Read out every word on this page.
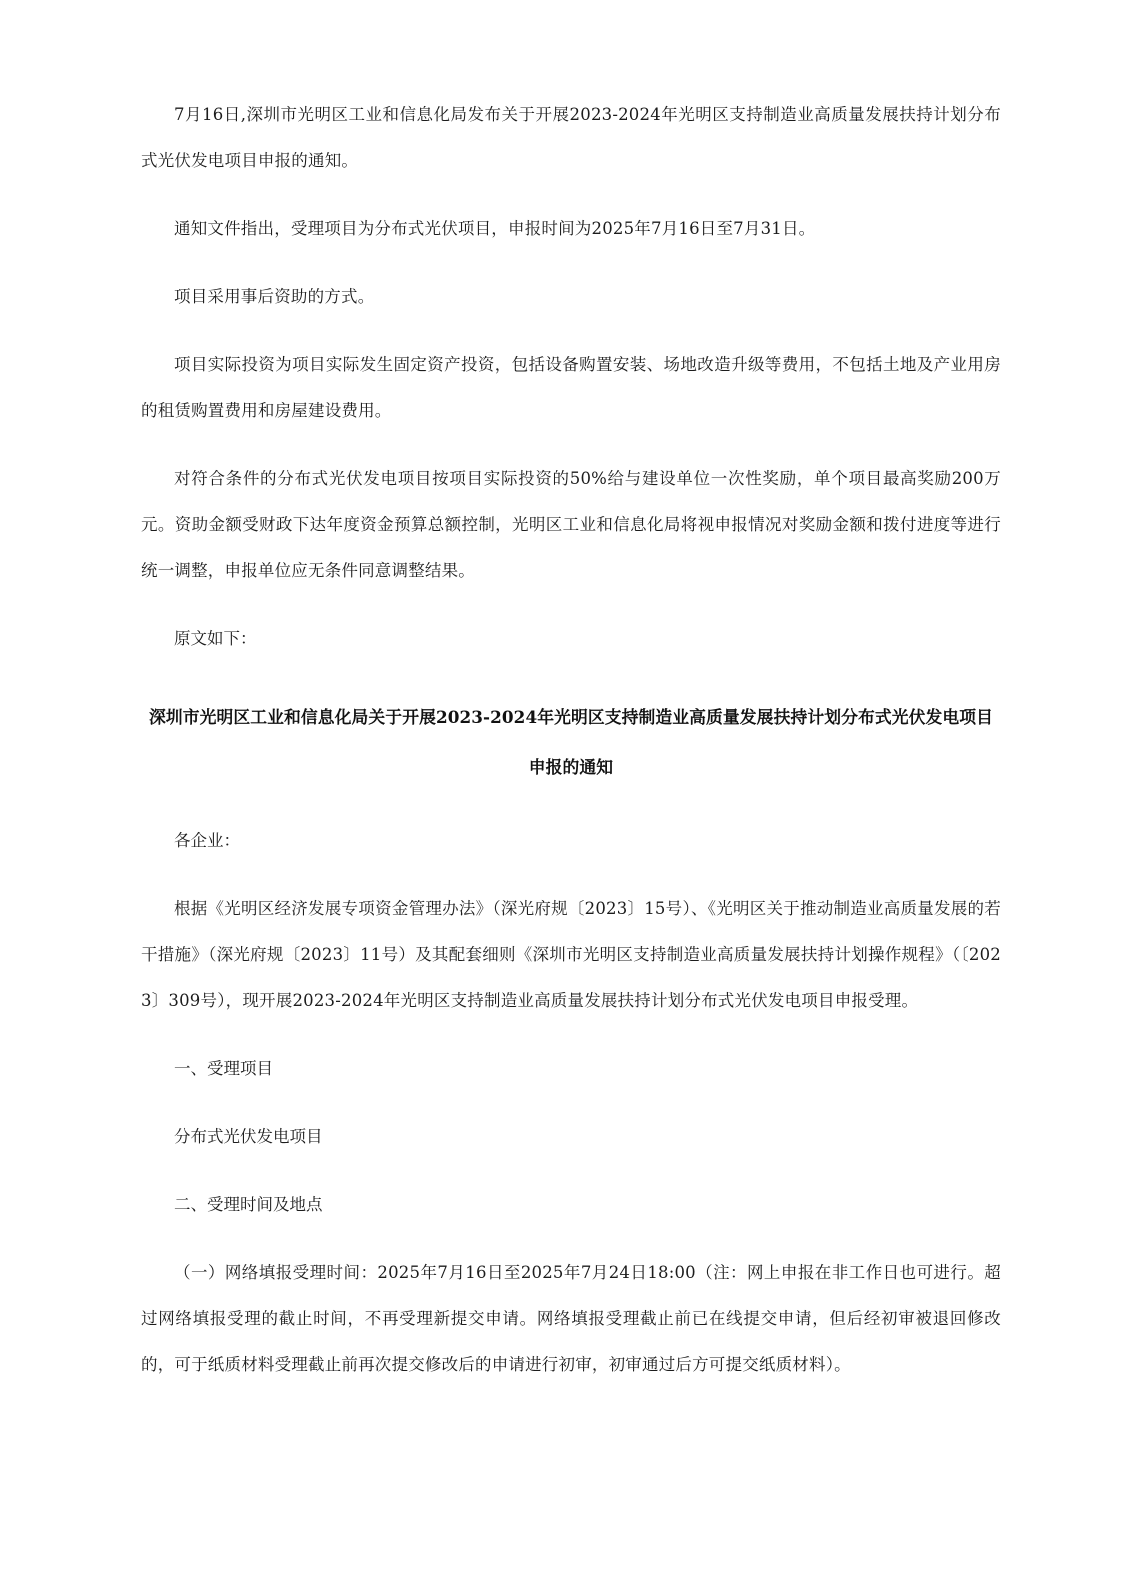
7月16日,深圳市光明区工业和信息化局发布关于开展2023-2024年光明区支持制造业高质量发展扶持计划分布式光伏发电项目申报的通知。

通知文件指出，受理项目为分布式光伏项目，申报时间为2025年7月16日至7月31日。

项目采用事后资助的方式。

项目实际投资为项目实际发生固定资产投资，包括设备购置安装、场地改造升级等费用，不包括土地及产业用房的租赁购置费用和房屋建设费用。

对符合条件的分布式光伏发电项目按项目实际投资的50%给与建设单位一次性奖励，单个项目最高奖励200万元。资助金额受财政下达年度资金预算总额控制，光明区工业和信息化局将视申报情况对奖励金额和拨付进度等进行统一调整，申报单位应无条件同意调整结果。

原文如下：

深圳市光明区工业和信息化局关于开展2023-2024年光明区支持制造业高质量发展扶持计划分布式光伏发电项目申报的通知

各企业：

根据《光明区经济发展专项资金管理办法》（深光府规〔2023〕15号）、《光明区关于推动制造业高质量发展的若干措施》（深光府规〔2023〕11号）及其配套细则《深圳市光明区支持制造业高质量发展扶持计划操作规程》（〔2023〕309号），现开展2023-2024年光明区支持制造业高质量发展扶持计划分布式光伏发电项目申报受理。

一、受理项目

分布式光伏发电项目

二、受理时间及地点

（一）网络填报受理时间：2025年7月16日至2025年7月24日18:00（注：网上申报在非工作日也可进行。超过网络填报受理的截止时间，不再受理新提交申请。网络填报受理截止前已在线提交申请，但后经初审被退回修改的，可于纸质材料受理截止前再次提交修改后的申请进行初审，初审通过后方可提交纸质材料）。
